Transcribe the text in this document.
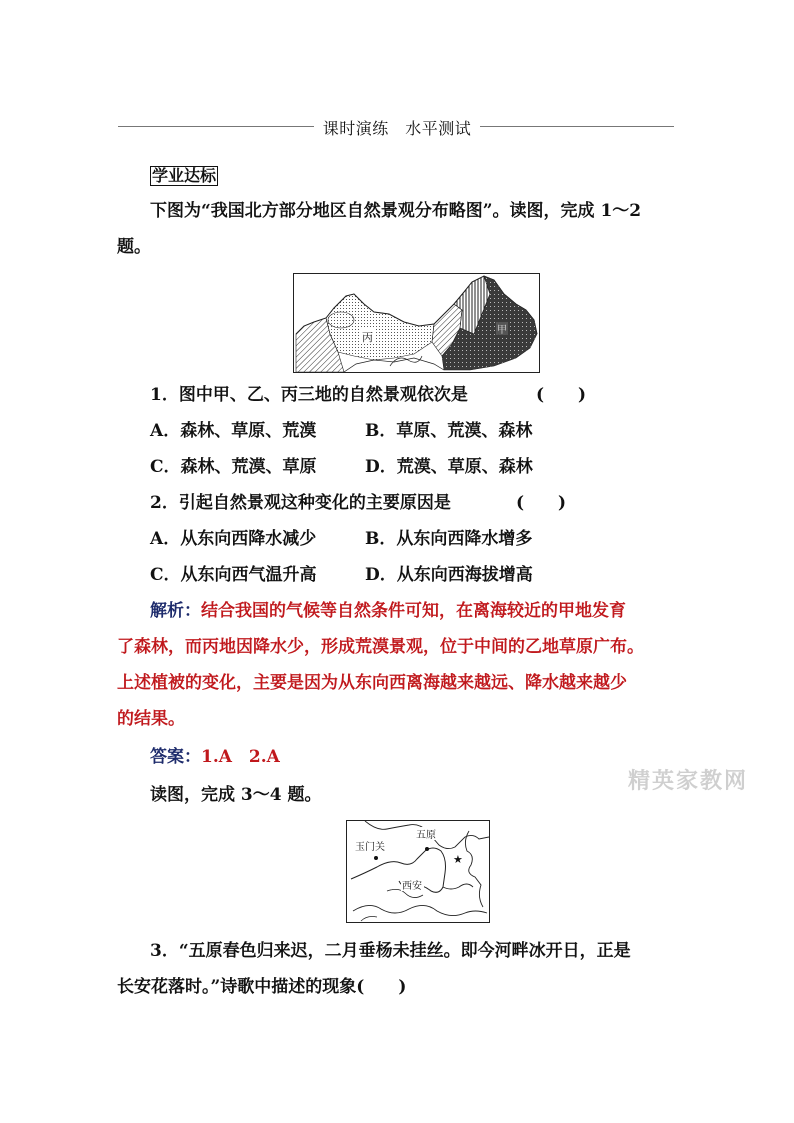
课时演练　水平测试
学业达标
下图为“我国北方部分地区自然景观分布略图”。读图，完成 1～2
题。
丙
甲
1．图中甲、乙、丙三地的自然景观依次是	(　　)
A．森林、草原、荒漠	B．草原、荒漠、森林
C．森林、荒漠、草原	D．荒漠、草原、森林
2．引起自然景观这种变化的主要原因是	(　　)
A．从东向西降水减少	B．从东向西降水增多
C．从东向西气温升高	D．从东向西海拔增高
解析：结合我国的气候等自然条件可知，在离海较近的甲地发育
了森林，而丙地因降水少，形成荒漠景观，位于中间的乙地草原广布。
上述植被的变化，主要是因为从东向西离海越来越远、降水越来越少
的结果。
答案：1.A　2.A
精英家教网
读图，完成 3～4 题。
★
玉门关
五原
西安
3．“五原春色归来迟，二月垂杨未挂丝。即今河畔冰开日，正是
长安花落时。”诗歌中描述的现象(　　)
